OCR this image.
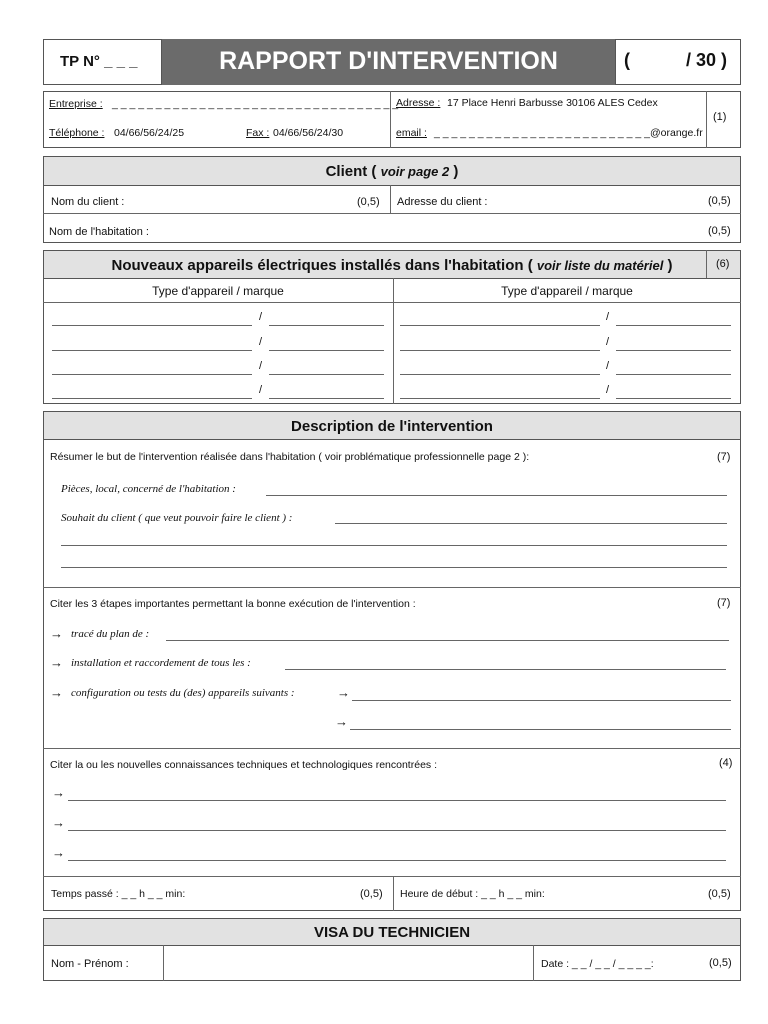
TP N° _ _ _	RAPPORT D'INTERVENTION	(	/ 30 )
Entreprise : _ _ _ _ _ _ _ _ _ _ _ _ _ _ _ _ _ _ _ _ _ _ _ _ _ _ _ _ _ _ _ _ _
Adresse : 17 Place Henri Barbusse 30106 ALES Cedex
(1)
Téléphone : 04/66/56/24/25	Fax : 04/66/56/24/30	email : _ _ _ _ _ _ _ _ _ _ _ _ _ _ _ _ _ _ _ _ _ _ _ _ _@orange.fr
Client ( voir page 2 )
Nom du client :	(0,5) Adresse du client :	(0,5)
Nom de l'habitation :	(0,5)
Nouveaux appareils électriques installés dans l'habitation ( voir liste du matériel )	(6)
Type d'appareil / marque	Type d'appareil / marque
/	/
/	/
/	/
/	/
Description de l'intervention
Résumer le but de l'intervention réalisée dans l'habitation ( voir problématique professionnelle page 2 ):	(7)
Pièces, local, concerné de l'habitation :
Souhait du client ( que veut pouvoir faire le client ) :
Citer les 3 étapes importantes permettant la bonne exécution de l'intervention :	(7)
→ tracé du plan de :
→ installation et raccordement de tous les :
→ configuration ou tests du (des) appareils suivants :	→
→
Citer la ou les nouvelles connaissances techniques et technologiques rencontrées :	(4)
→
→
→
Temps passé : _ _ h _ _ min:	(0,5) Heure de début : _ _ h _ _ min:	(0,5)
VISA DU TECHNICIEN
Nom - Prénom :	Date : _ _ / _ _ / _ _ _ _:	(0,5)
